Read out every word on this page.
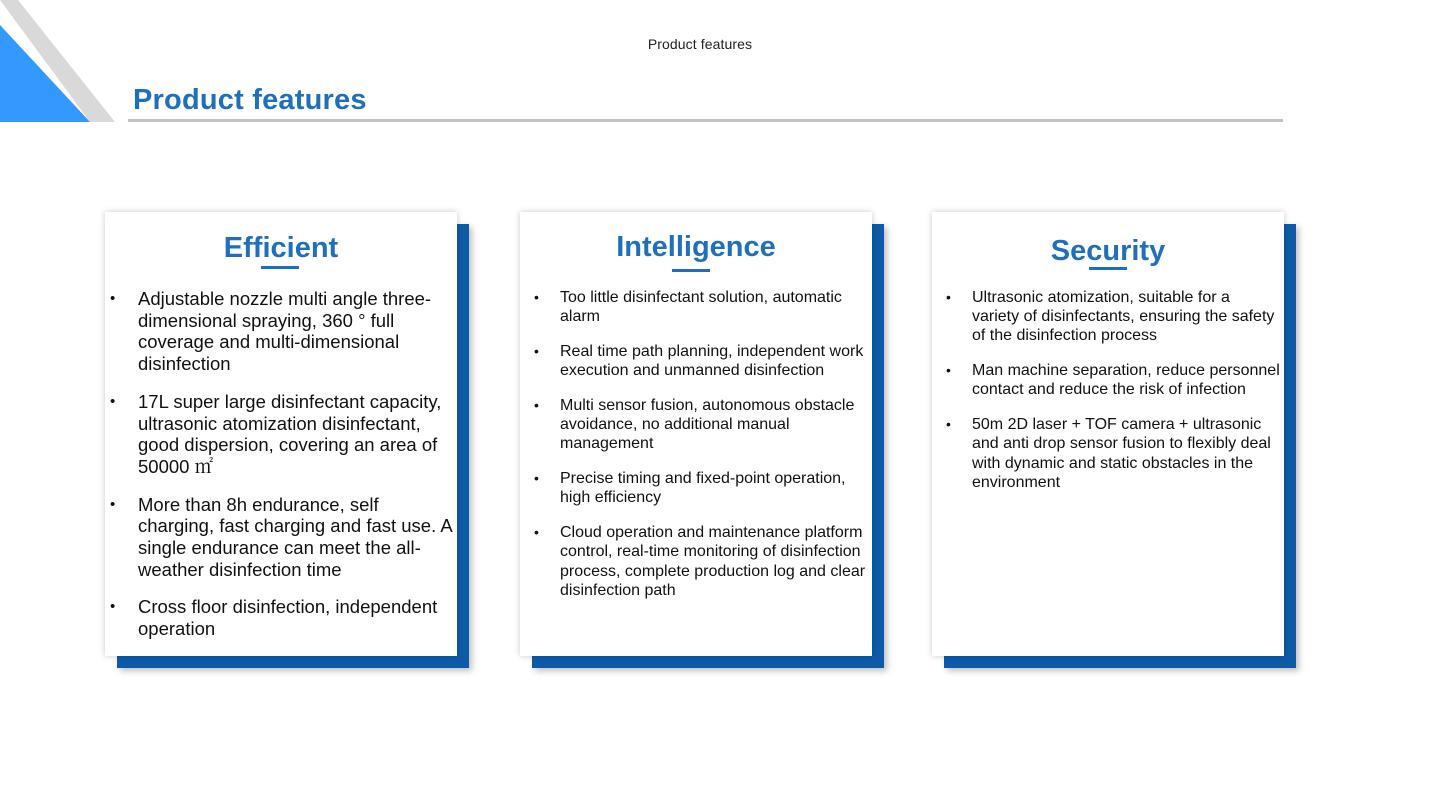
Product features
Product features
Efficient
• Adjustable nozzle multi angle three-dimensional spraying, 360 ° full coverage and multi-dimensional disinfection
• 17L super large disinfectant capacity, ultrasonic atomization disinfectant, good dispersion, covering an area of 50000 ㎡
• More than 8h endurance, self charging, fast charging and fast use. A single endurance can meet the all-weather disinfection time
• Cross floor disinfection, independent operation
Intelligence
• Too little disinfectant solution, automatic alarm
• Real time path planning, independent work execution and unmanned disinfection
• Multi sensor fusion, autonomous obstacle avoidance, no additional manual management
• Precise timing and fixed-point operation, high efficiency
• Cloud operation and maintenance platform control, real-time monitoring of disinfection process, complete production log and clear disinfection path
Security
• Ultrasonic atomization, suitable for a variety of disinfectants, ensuring the safety of the disinfection process
• Man machine separation, reduce personnel contact and reduce the risk of infection
• 50m 2D laser + TOF camera + ultrasonic and anti drop sensor fusion to flexibly deal with dynamic and static obstacles in the environment
